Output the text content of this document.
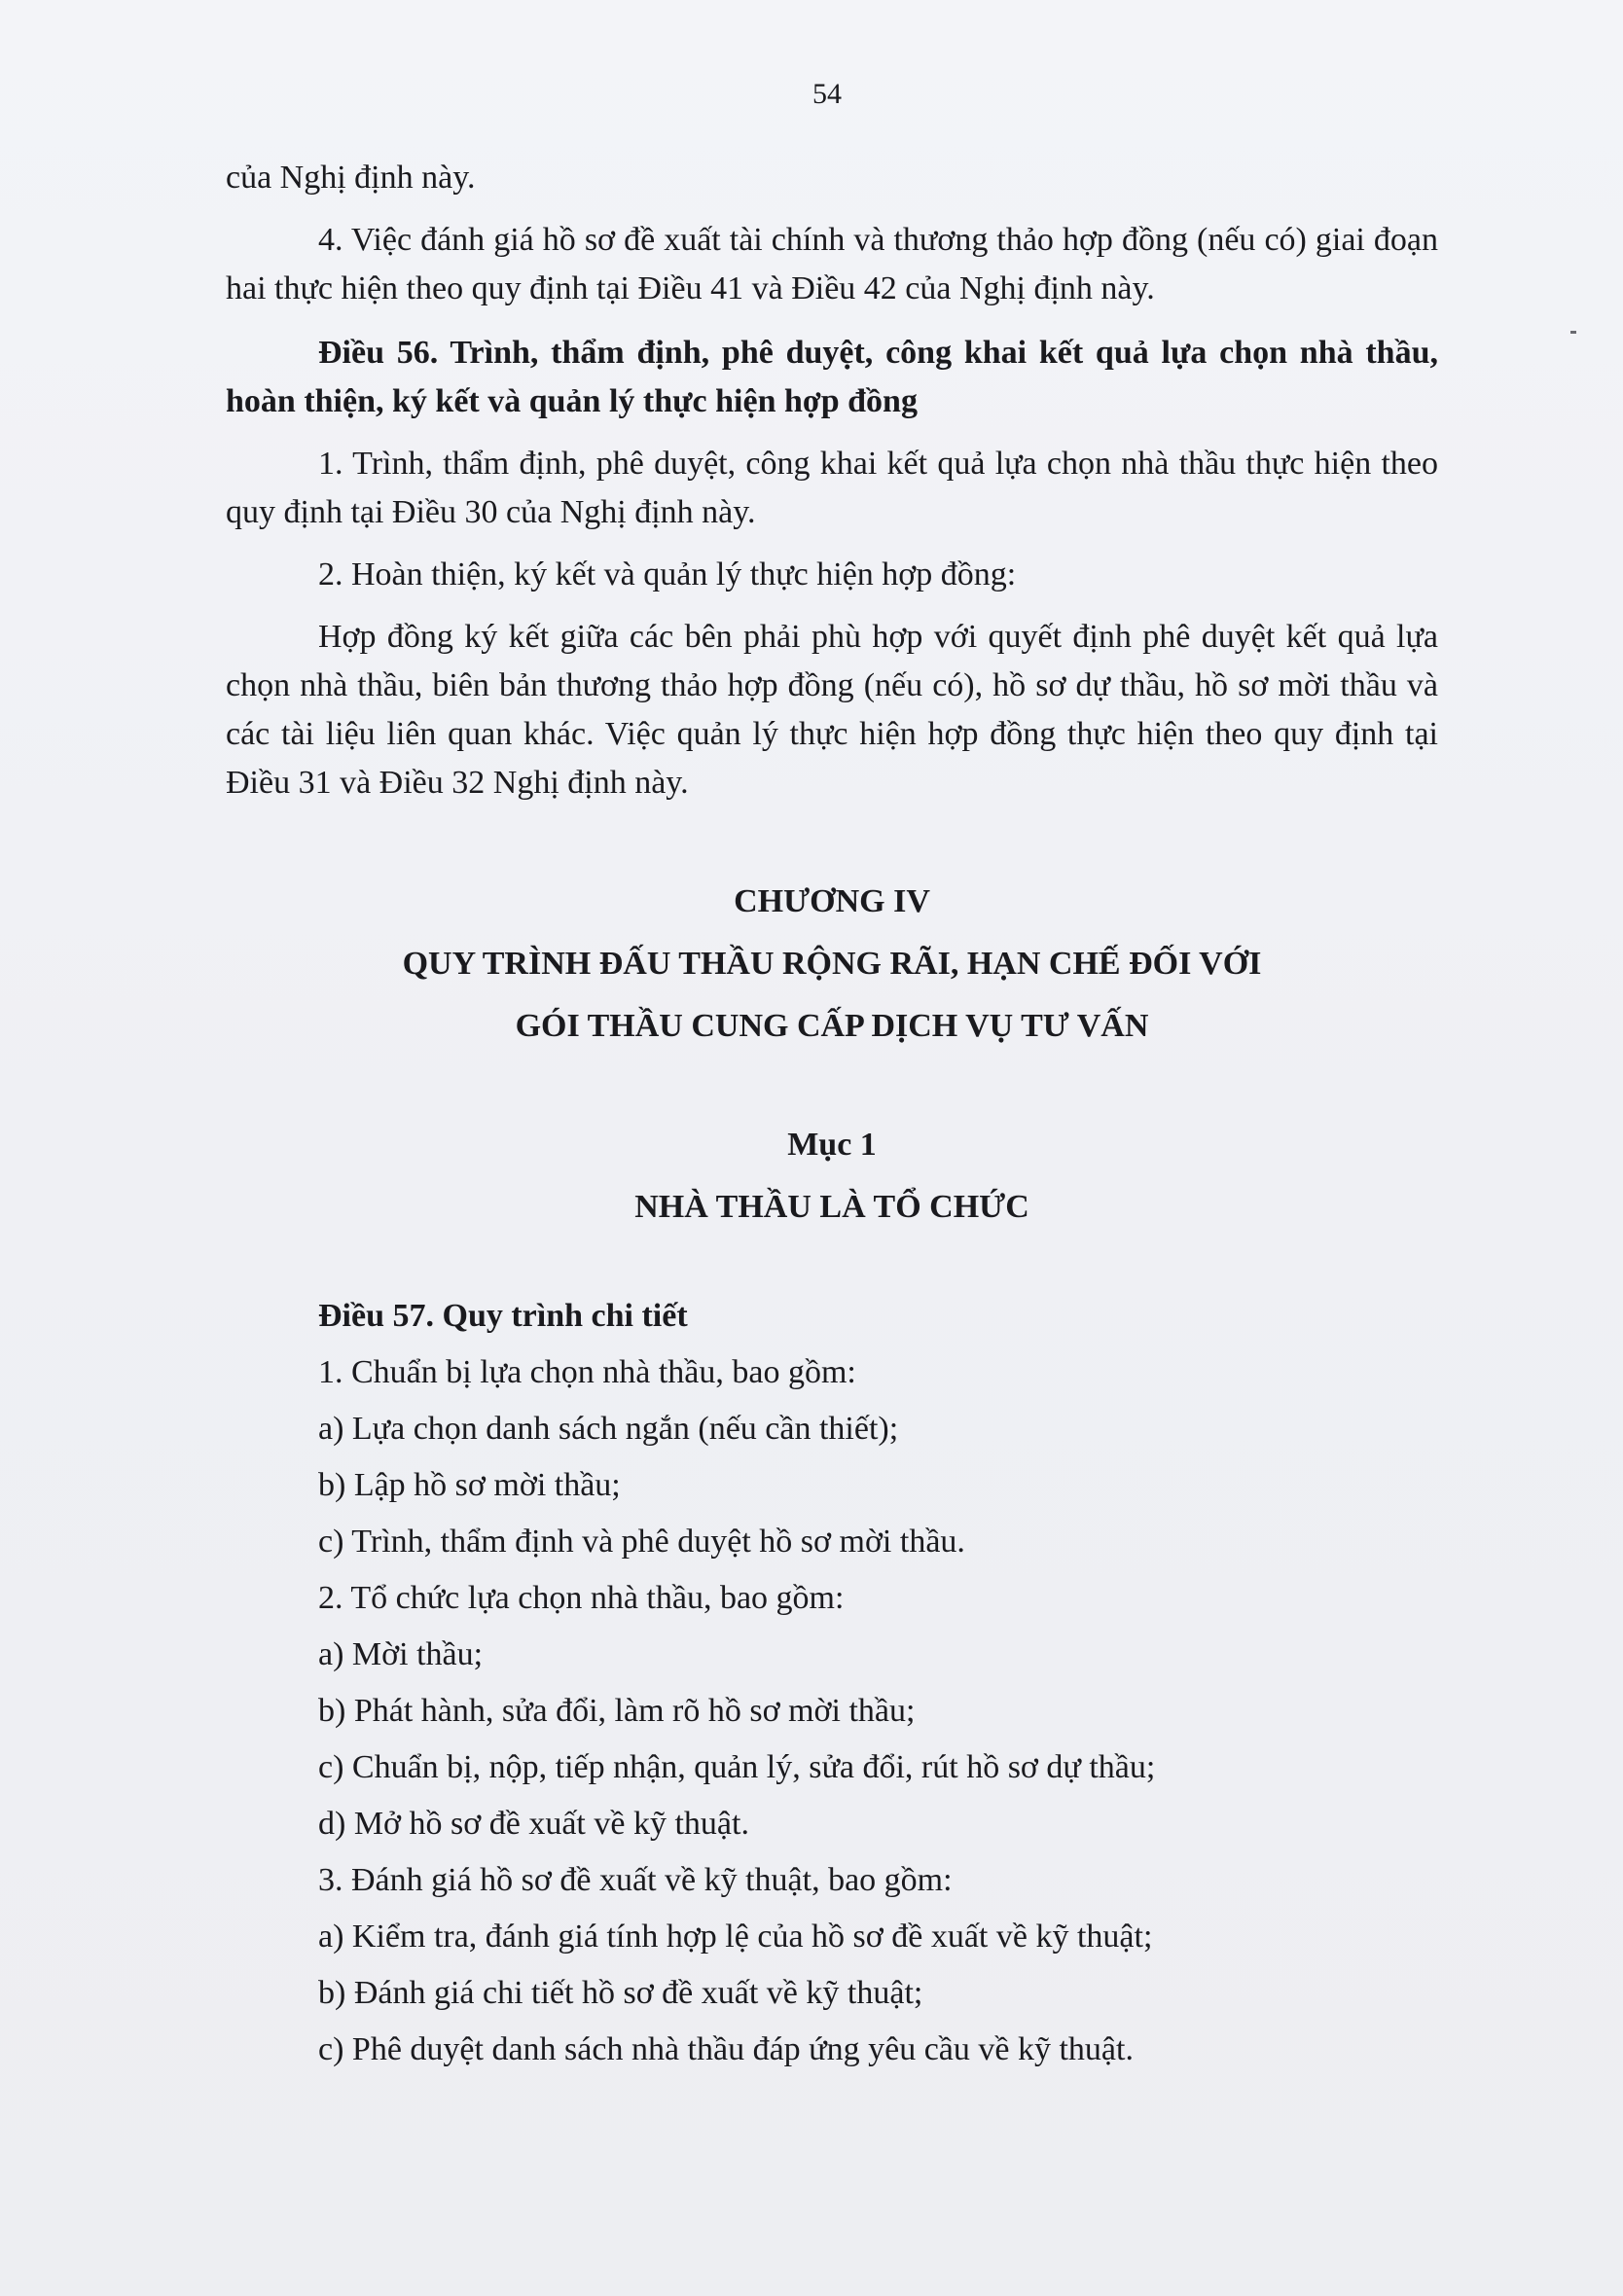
54

của Nghị định này.

4. Việc đánh giá hồ sơ đề xuất tài chính và thương thảo hợp đồng (nếu có) giai đoạn hai thực hiện theo quy định tại Điều 41 và Điều 42 của Nghị định này.

Điều 56. Trình, thẩm định, phê duyệt, công khai kết quả lựa chọn nhà thầu, hoàn thiện, ký kết và quản lý thực hiện hợp đồng

1. Trình, thẩm định, phê duyệt, công khai kết quả lựa chọn nhà thầu thực hiện theo quy định tại Điều 30 của Nghị định này.

2. Hoàn thiện, ký kết và quản lý thực hiện hợp đồng:

Hợp đồng ký kết giữa các bên phải phù hợp với quyết định phê duyệt kết quả lựa chọn nhà thầu, biên bản thương thảo hợp đồng (nếu có), hồ sơ dự thầu, hồ sơ mời thầu và các tài liệu liên quan khác. Việc quản lý thực hiện hợp đồng thực hiện theo quy định tại Điều 31 và Điều 32 Nghị định này.

CHƯƠNG IV
QUY TRÌNH ĐẤU THẦU RỘNG RÃI, HẠN CHẾ ĐỐI VỚI
GÓI THẦU CUNG CẤP DỊCH VỤ TƯ VẤN
Mục 1
NHÀ THẦU LÀ TỔ CHỨC

Điều 57. Quy trình chi tiết

1. Chuẩn bị lựa chọn nhà thầu, bao gồm:

a) Lựa chọn danh sách ngắn (nếu cần thiết);

b) Lập hồ sơ mời thầu;

c) Trình, thẩm định và phê duyệt hồ sơ mời thầu.

2. Tổ chức lựa chọn nhà thầu, bao gồm:

a) Mời thầu;

b) Phát hành, sửa đổi, làm rõ hồ sơ mời thầu;

c) Chuẩn bị, nộp, tiếp nhận, quản lý, sửa đổi, rút hồ sơ dự thầu;

d) Mở hồ sơ đề xuất về kỹ thuật.

3. Đánh giá hồ sơ đề xuất về kỹ thuật, bao gồm:

a) Kiểm tra, đánh giá tính hợp lệ của hồ sơ đề xuất về kỹ thuật;

b) Đánh giá chi tiết hồ sơ đề xuất về kỹ thuật;

c) Phê duyệt danh sách nhà thầu đáp ứng yêu cầu về kỹ thuật.
